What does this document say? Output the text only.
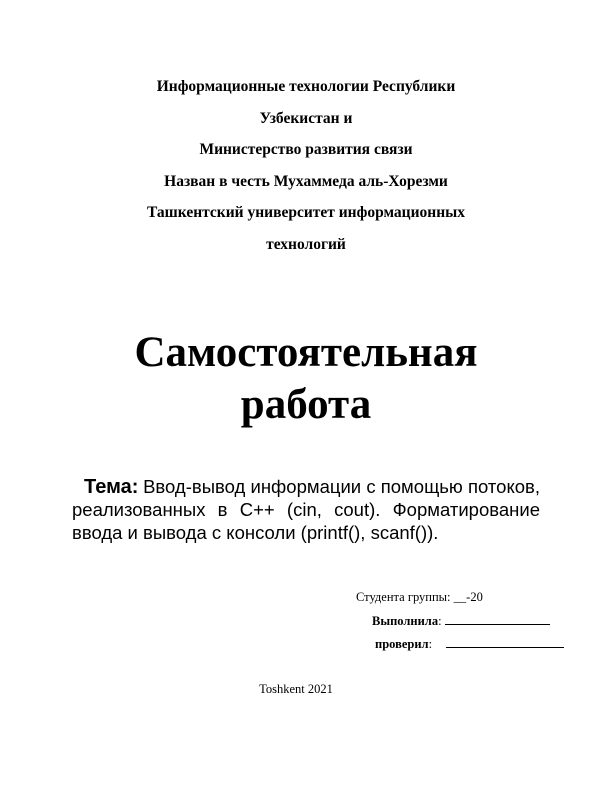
Информационные технологии Республики
Узбекистан и
Министерство развития связи
Назван в честь Мухаммеда аль-Хорезми
Ташкентский университет информационных
технологий
Самостоятельная
работа
Тема: Ввод-вывод информации с помощью потоков, реализованных в C++ (cin, cout). Форматирование ввода и вывода с консоли (printf(), scanf()).
Студента группы: __-20
Выполнила:
проверил:
Toshkent 2021
